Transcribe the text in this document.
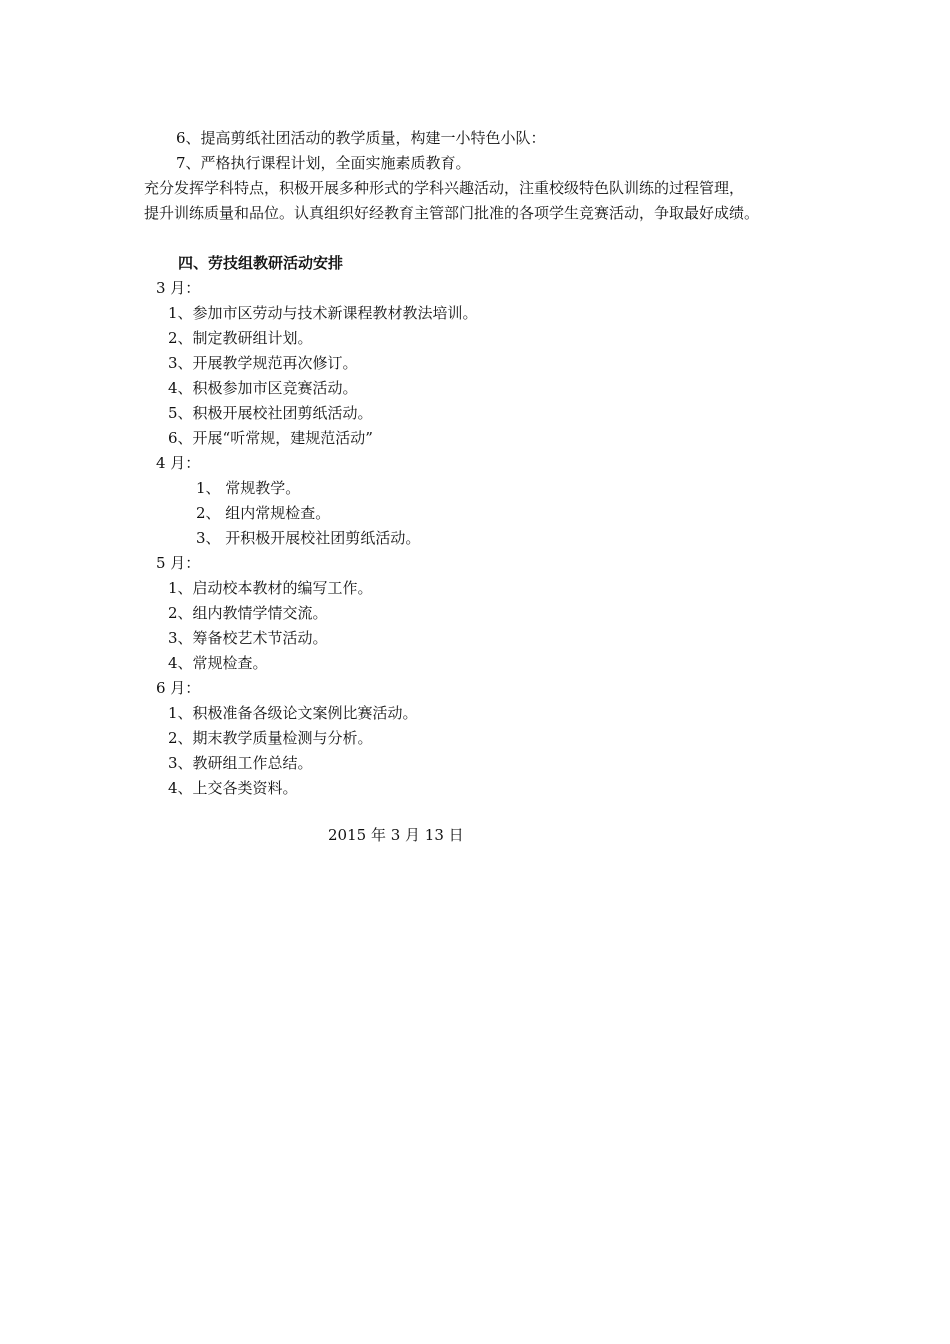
6、提高剪纸社团活动的教学质量，构建一小特色小队：
7、严格执行课程计划，全面实施素质教育。
充分发挥学科特点，积极开展多种形式的学科兴趣活动，注重校级特色队训练的过程管理，
提升训练质量和品位。认真组织好经教育主管部门批准的各项学生竞赛活动，争取最好成绩。
四、劳技组教研活动安排
3 月：
1、参加市区劳动与技术新课程教材教法培训。
2、制定教研组计划。
3、开展教学规范再次修订。
4、积极参加市区竞赛活动。
5、积极开展校社团剪纸活动。
6、开展“听常规，建规范活动”
4 月：
1、 常规教学。
2、 组内常规检查。
3、 开积极开展校社团剪纸活动。
5 月：
1、启动校本教材的编写工作。
2、组内教情学情交流。
3、筹备校艺术节活动。
4、常规检查。
6 月：
1、积极准备各级论文案例比赛活动。
2、期末教学质量检测与分析。
3、教研组工作总结。
4、上交各类资料。
2015 年 3 月 13 日
